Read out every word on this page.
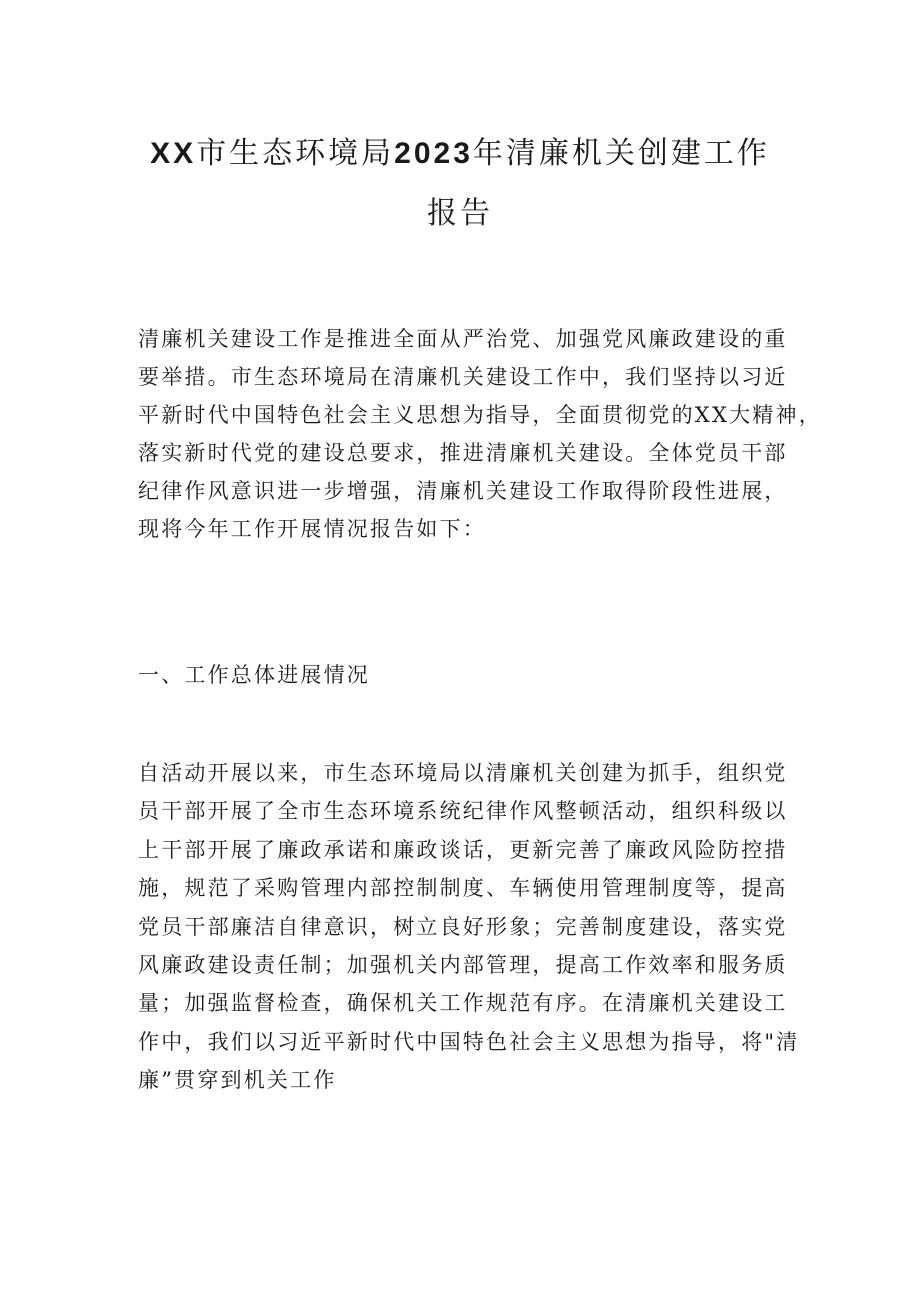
XX市生态环境局2023年清廉机关创建工作
报告
清廉机关建设工作是推进全面从严治党、加强党风廉政建设的重
要举措。市生态环境局在清廉机关建设工作中，我们坚持以习近
平新时代中国特色社会主义思想为指导，全面贯彻党的XX大精神，
落实新时代党的建设总要求，推进清廉机关建设。全体党员干部
纪律作风意识进一步增强，清廉机关建设工作取得阶段性进展，
现将今年工作开展情况报告如下：
一、工作总体进展情况
自活动开展以来，市生态环境局以清廉机关创建为抓手，组织党
员干部开展了全市生态环境系统纪律作风整顿活动，组织科级以
上干部开展了廉政承诺和廉政谈话，更新完善了廉政风险防控措
施，规范了采购管理内部控制制度、车辆使用管理制度等，提高
党员干部廉洁自律意识，树立良好形象；完善制度建设，落实党
风廉政建设责任制；加强机关内部管理，提高工作效率和服务质
量；加强监督检查，确保机关工作规范有序。在清廉机关建设工
作中，我们以习近平新时代中国特色社会主义思想为指导，将"清
廉”贯穿到机关工作
